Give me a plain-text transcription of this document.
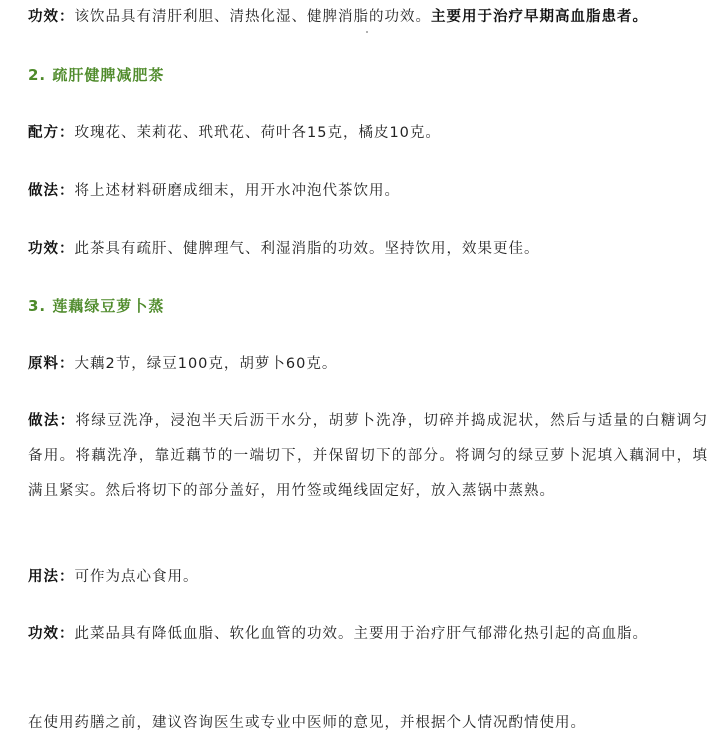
功效：该饮品具有清肝利胆、清热化湿、健脾消脂的功效。主要用于治疗早期高血脂患者。

2. 疏肝健脾减肥茶

配方：玫瑰花、茉莉花、玳玳花、荷叶各15克，橘皮10克。

做法：将上述材料研磨成细末，用开水冲泡代茶饮用。

功效：此茶具有疏肝、健脾理气、利湿消脂的功效。坚持饮用，效果更佳。

3. 莲藕绿豆萝卜蒸

原料：大藕2节，绿豆100克，胡萝卜60克。

做法：将绿豆洗净，浸泡半天后沥干水分，胡萝卜洗净，切碎并捣成泥状，然后与适量的白糖调匀备用。将藕洗净，靠近藕节的一端切下，并保留切下的部分。将调匀的绿豆萝卜泥填入藕洞中，填满且紧实。然后将切下的部分盖好，用竹签或绳线固定好，放入蒸锅中蒸熟。

用法：可作为点心食用。

功效：此菜品具有降低血脂、软化血管的功效。主要用于治疗肝气郁滞化热引起的高血脂。

在使用药膳之前，建议咨询医生或专业中医师的意见，并根据个人情况酌情使用。
